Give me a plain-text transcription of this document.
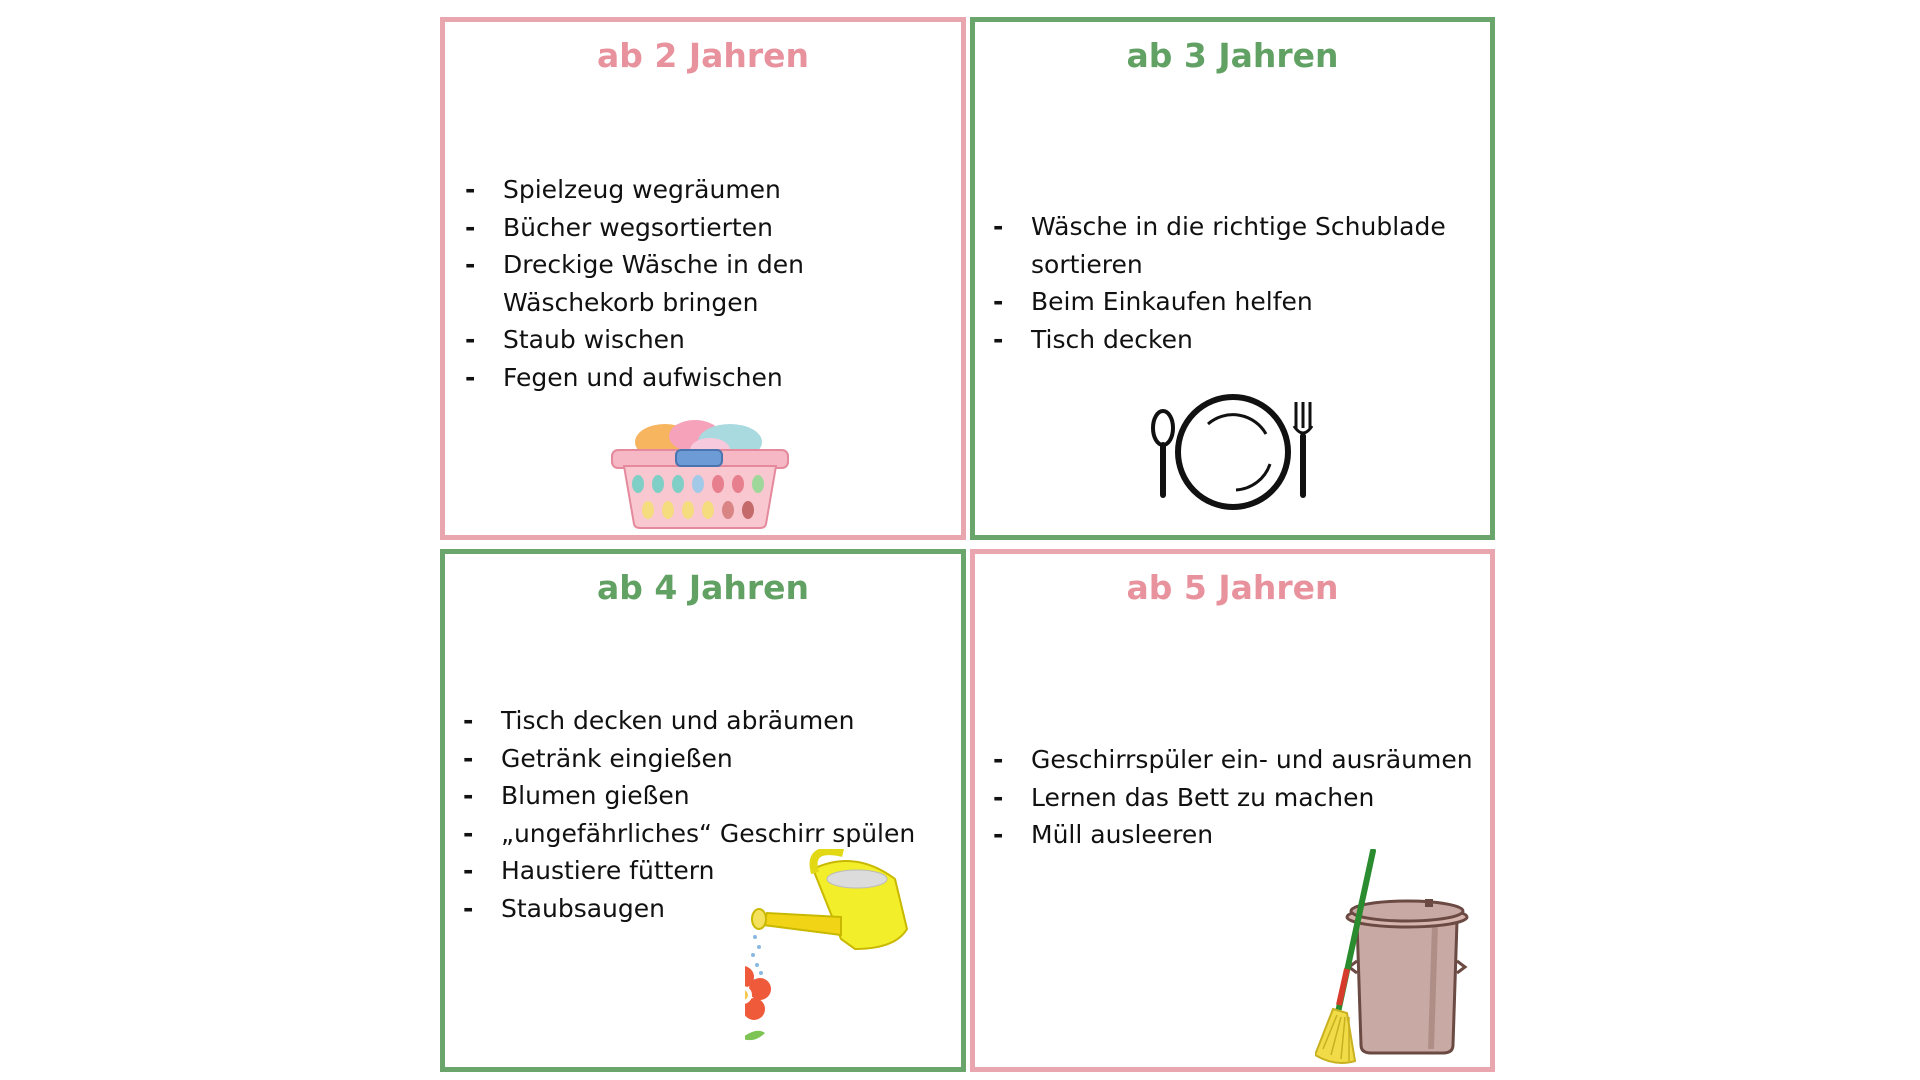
ab 2 Jahren
- Spielzeug wegräumen
- Bücher wegsortierten
- Dreckige Wäsche in den Wäschekorb bringen
- Staub wischen
- Fegen und aufwischen
ab 3 Jahren
- Wäsche in die richtige Schublade sortieren
- Beim Einkaufen helfen
- Tisch decken
ab 4 Jahren
- Tisch decken und abräumen
- Getränk eingießen
- Blumen gießen
- „ungefährliches“ Geschirr spülen
- Haustiere füttern
- Staubsaugen
ab 5 Jahren
- Geschirrspüler ein- und ausräumen
- Lernen das Bett zu machen
- Müll ausleeren
